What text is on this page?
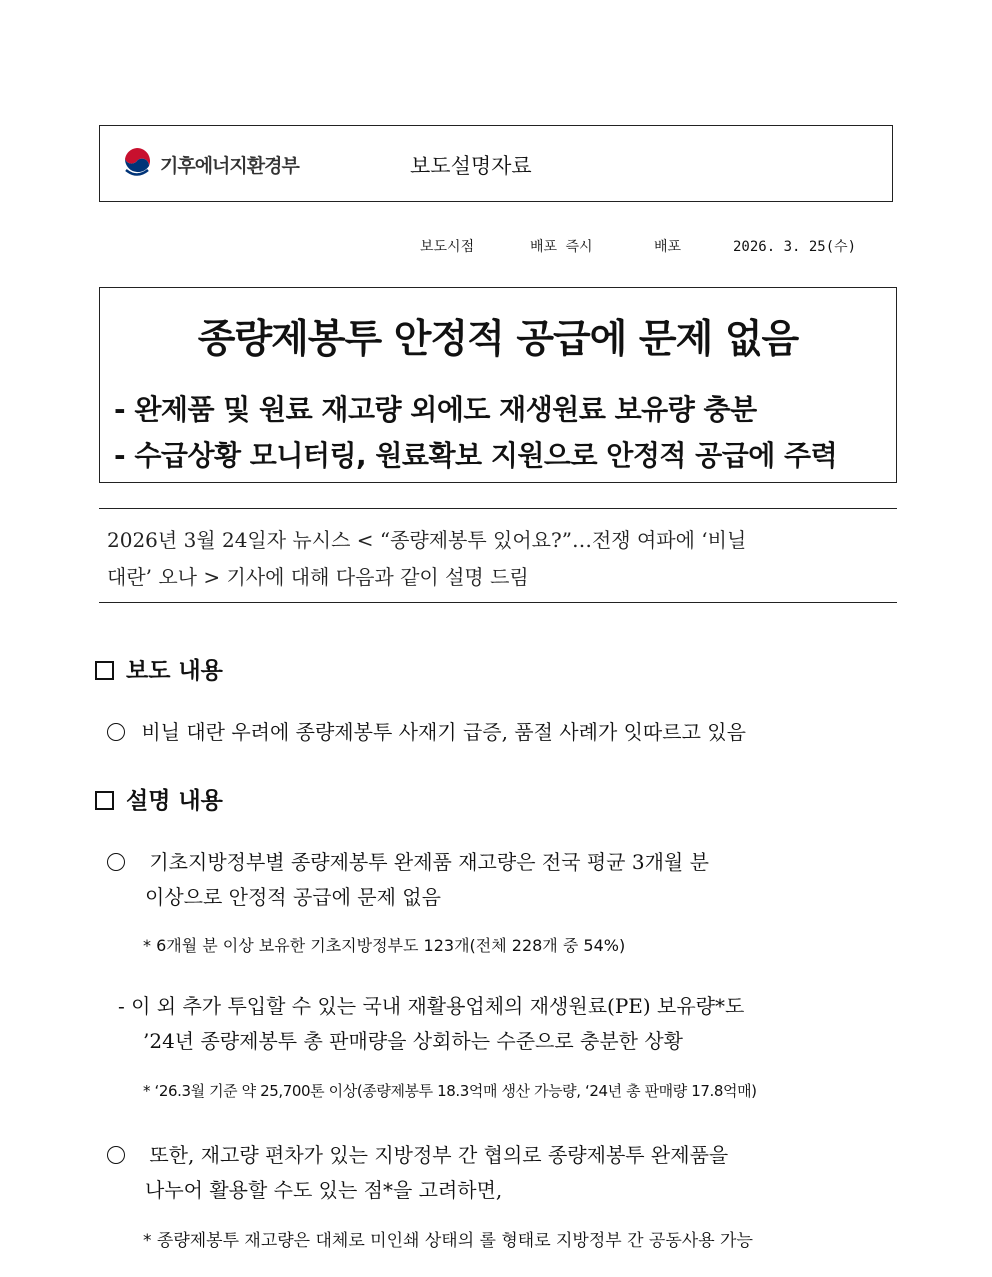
기후에너지환경부	보도설명자료
보도시점	배포 즉시	배포	2026. 3. 25(수)
종량제봉투 안정적 공급에 문제 없음
- 완제품 및 원료 재고량 외에도 재생원료 보유량 충분
- 수급상황 모니터링, 원료확보 지원으로 안정적 공급에 주력
2026년 3월 24일자 뉴시스 < “종량제봉투 있어요?”…전쟁 여파에 ‘비닐
대란’ 오나 > 기사에 대해 다음과 같이 설명 드림
보도 내용
비닐 대란 우려에 종량제봉투 사재기 급증, 품절 사례가 잇따르고 있음
설명 내용
기초지방정부별 종량제봉투 완제품 재고량은 전국 평균 3개월 분
이상으로 안정적 공급에 문제 없음
* 6개월 분 이상 보유한 기초지방정부도 123개(전체 228개 중 54%)
- 이 외 추가 투입할 수 있는 국내 재활용업체의 재생원료(PE) 보유량*도
’24년 종량제봉투 총 판매량을 상회하는 수준으로 충분한 상황
* ‘26.3월 기준 약 25,700톤 이상(종량제봉투 18.3억매 생산 가능량, ‘24년 총 판매량 17.8억매)
또한, 재고량 편차가 있는 지방정부 간 협의로 종량제봉투 완제품을
나누어 활용할 수도 있는 점*을 고려하면,
* 종량제봉투 재고량은 대체로 미인쇄 상태의 롤 형태로 지방정부 간 공동사용 가능
